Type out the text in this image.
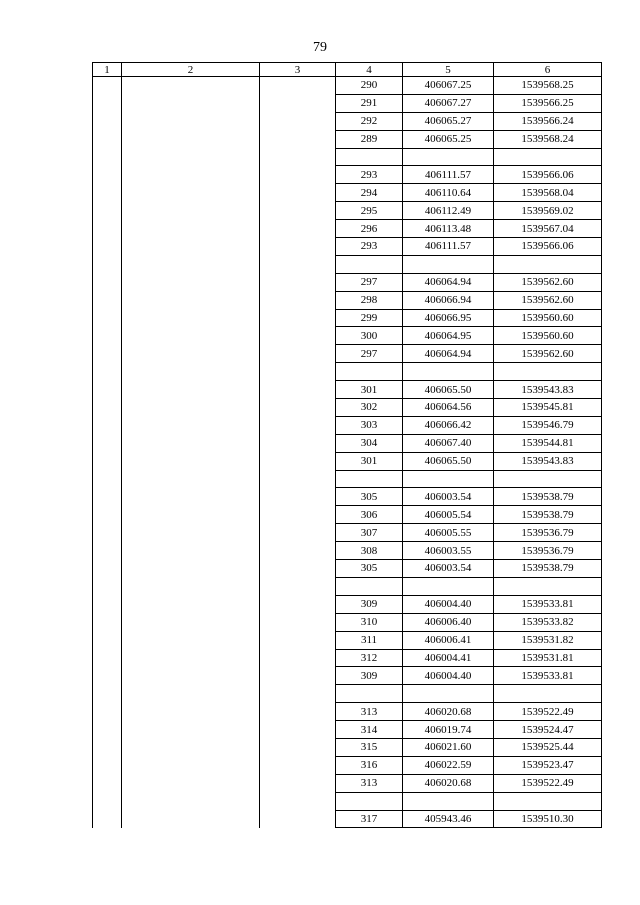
79
1	2	3	4	5	6
			290	406067.25	1539568.25
			291	406067.27	1539566.25
			292	406065.27	1539566.24
			289	406065.25	1539568.24

			293	406111.57	1539566.06
			294	406110.64	1539568.04
			295	406112.49	1539569.02
			296	406113.48	1539567.04
			293	406111.57	1539566.06

			297	406064.94	1539562.60
			298	406066.94	1539562.60
			299	406066.95	1539560.60
			300	406064.95	1539560.60
			297	406064.94	1539562.60

			301	406065.50	1539543.83
			302	406064.56	1539545.81
			303	406066.42	1539546.79
			304	406067.40	1539544.81
			301	406065.50	1539543.83

			305	406003.54	1539538.79
			306	406005.54	1539538.79
			307	406005.55	1539536.79
			308	406003.55	1539536.79
			305	406003.54	1539538.79

			309	406004.40	1539533.81
			310	406006.40	1539533.82
			311	406006.41	1539531.82
			312	406004.41	1539531.81
			309	406004.40	1539533.81

			313	406020.68	1539522.49
			314	406019.74	1539524.47
			315	406021.60	1539525.44
			316	406022.59	1539523.47
			313	406020.68	1539522.49

			317	405943.46	1539510.30
